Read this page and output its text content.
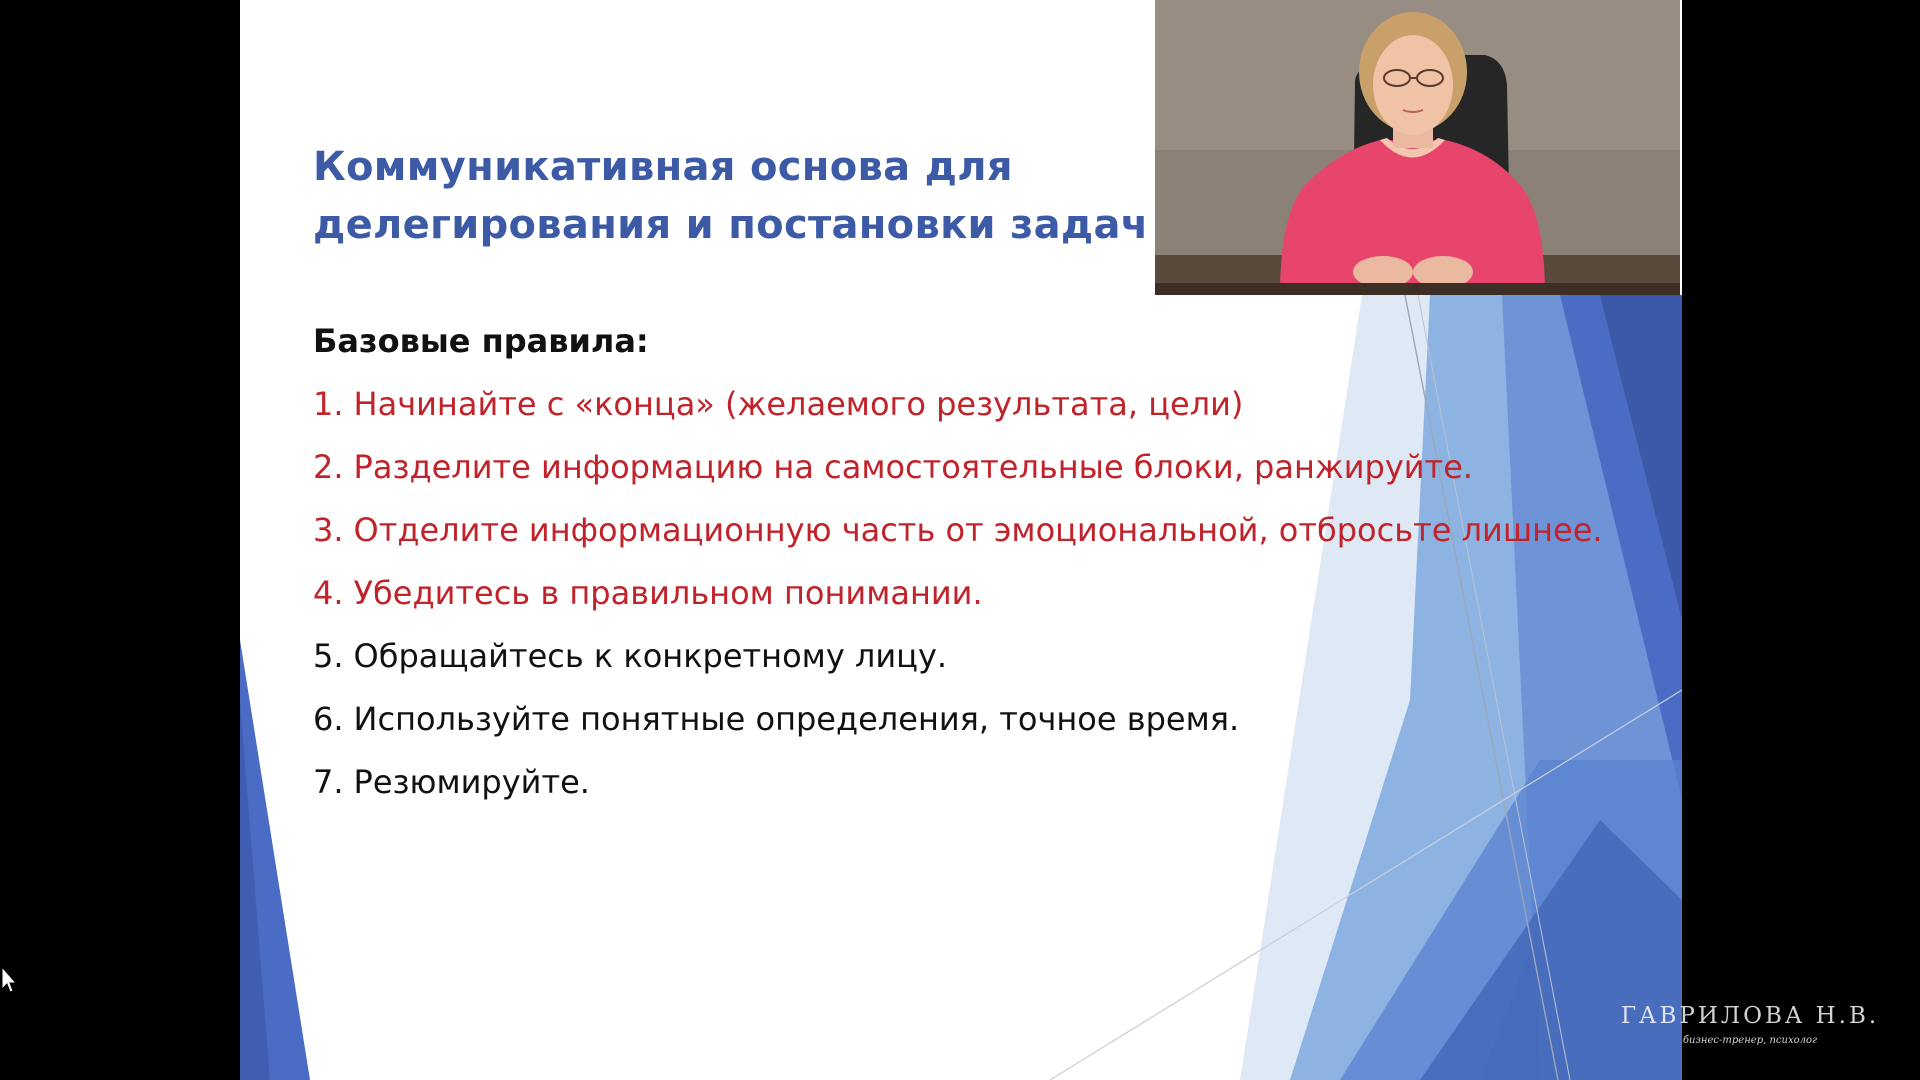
Коммуникативная основа для
делегирования и постановки задач

Базовые правила:

1. Начинайте с «конца» (желаемого результата, цели)
2. Разделите информацию на самостоятельные блоки, ранжируйте.
3. Отделите информационную часть от эмоциональной, отбросьте лишнее.
4. Убедитесь в правильном понимании.
5. Обращайтесь к конкретному лицу.
6. Используйте понятные определения, точное время.
7. Резюмируйте.
ГАВРИЛОВА Н.В.
бизнес-тренер, психолог
